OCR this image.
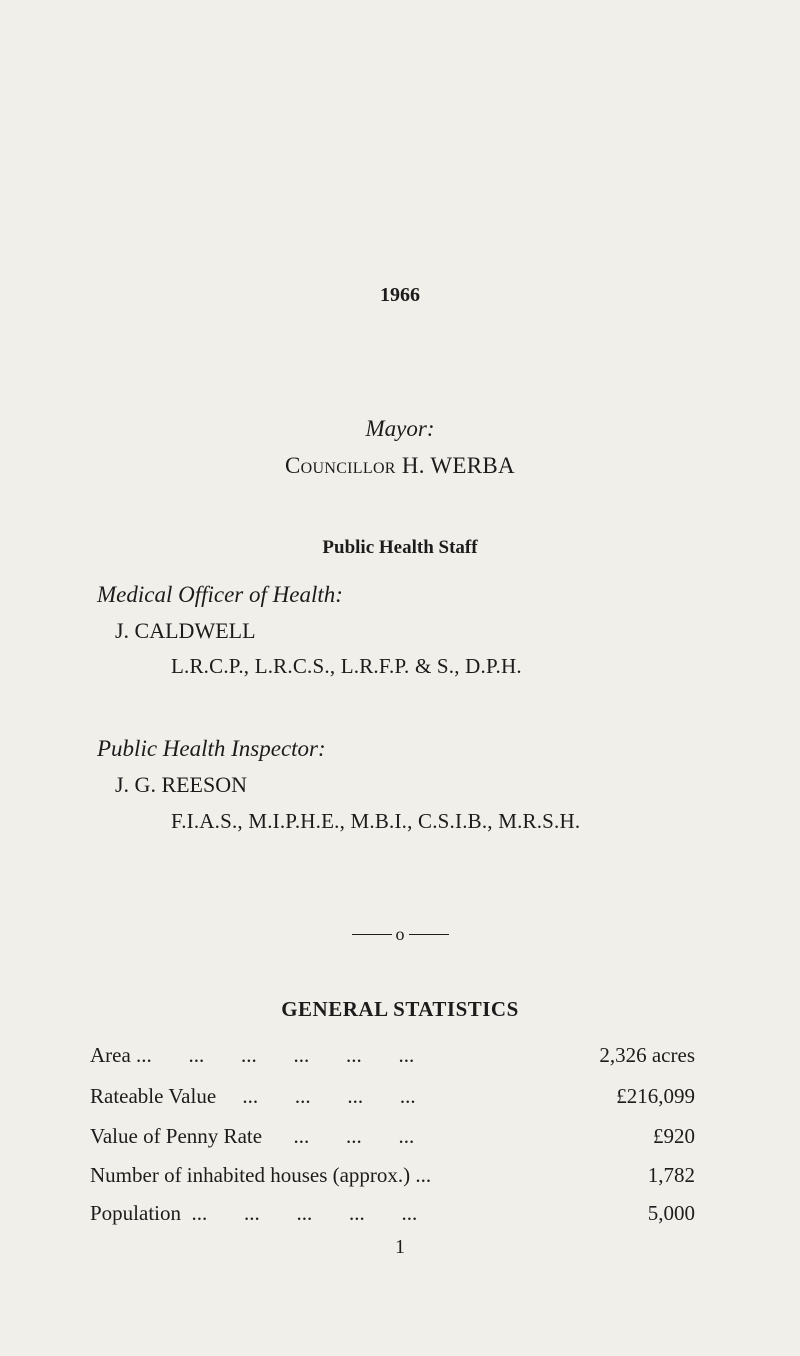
1966
Mayor:
Councillor H. WERBA
Public Health Staff
Medical Officer of Health:
J. CALDWELL
L.R.C.P., L.R.C.S., L.R.F.P. & S., D.P.H.
Public Health Inspector:
J. G. REESON
F.I.A.S., M.I.P.H.E., M.B.I., C.S.I.B., M.R.S.H.
o
GENERAL STATISTICS
Area ...       ...       ...       ...       ...       ...	2,326 acres
Rateable Value     ...       ...       ...       ...	£216,099
Value of Penny Rate      ...       ...       ...	£920
Number of inhabited houses (approx.) ...	1,782
Population  ...       ...       ...       ...       ...	5,000
1
